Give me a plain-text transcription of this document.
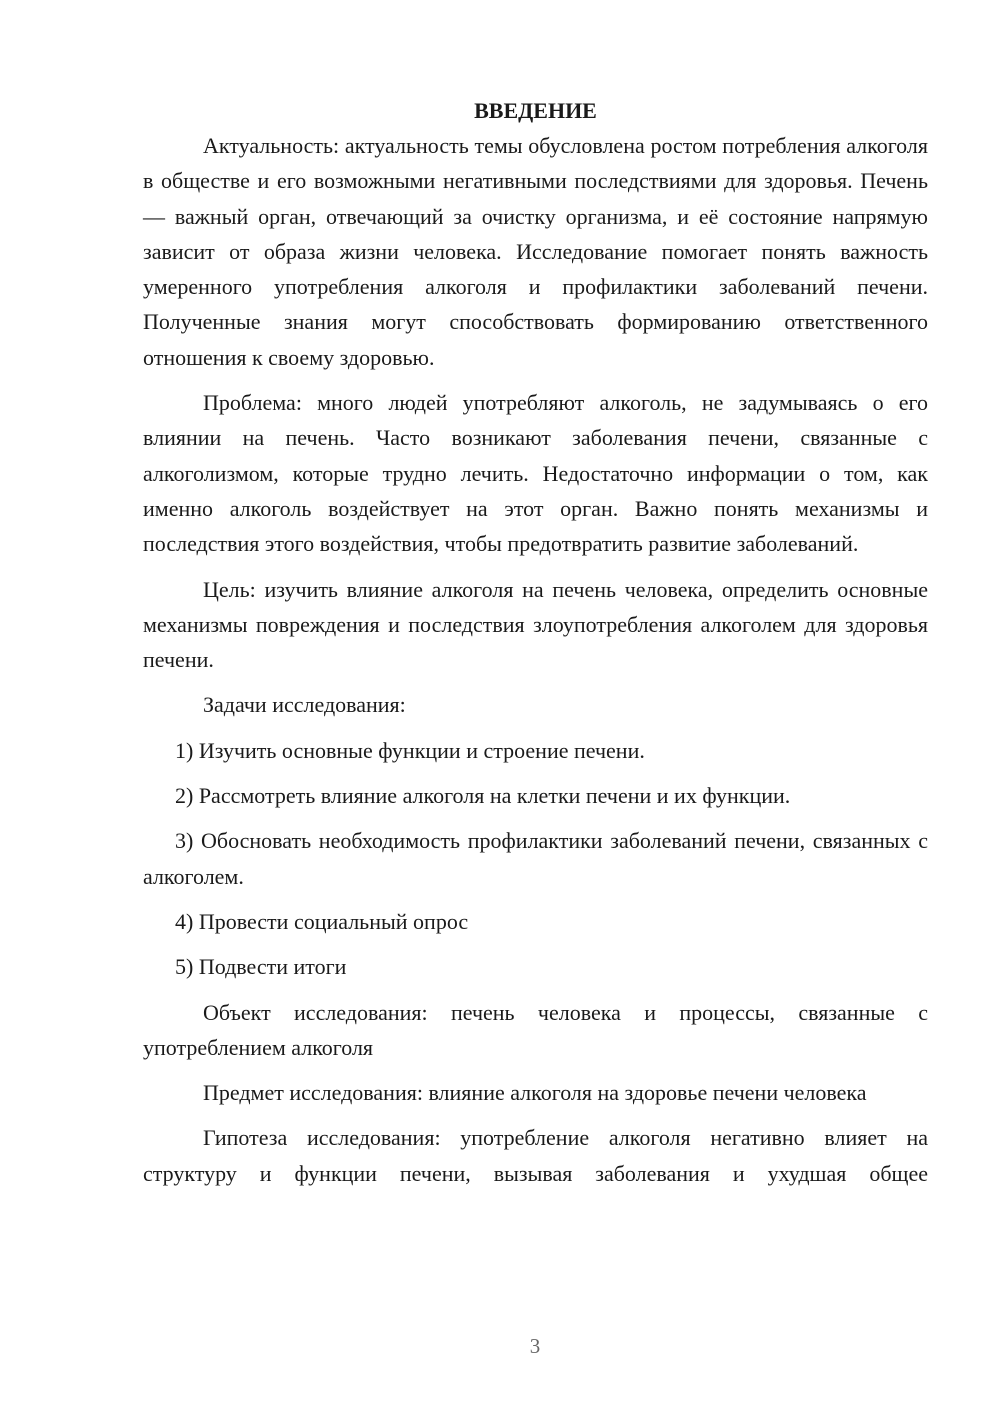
ВВЕДЕНИЕ

Актуальность: актуальность темы обусловлена ростом потребления алкоголя в обществе и его возможными негативными последствиями для здоровья. Печень — важный орган, отвечающий за очистку организма, и её состояние напрямую зависит от образа жизни человека. Исследование помогает понять важность умеренного употребления алкоголя и профилактики заболеваний печени. Полученные знания могут способствовать формированию ответственного отношения к своему здоровью.

Проблема: много людей употребляют алкоголь, не задумываясь о его влиянии на печень. Часто возникают заболевания печени, связанные с алкоголизмом, которые трудно лечить. Недостаточно информации о том, как именно алкоголь воздействует на этот орган. Важно понять механизмы и последствия этого воздействия, чтобы предотвратить развитие заболеваний.

Цель: изучить влияние алкоголя на печень человека, определить основные механизмы повреждения и последствия злоупотребления алкоголем для здоровья печени.

Задачи исследования:

1) Изучить основные функции и строение печени.

2) Рассмотреть влияние алкоголя на клетки печени и их функции.

3) Обосновать необходимость профилактики заболеваний печени, связанных с алкоголем.

4) Провести социальный опрос

5) Подвести итоги

Объект исследования: печень человека и процессы, связанные с употреблением алкоголя

Предмет исследования: влияние алкоголя на здоровье печени человека

Гипотеза исследования: употребление алкоголя негативно влияет на структуру и функции печени, вызывая заболевания и ухудшая общее

3
